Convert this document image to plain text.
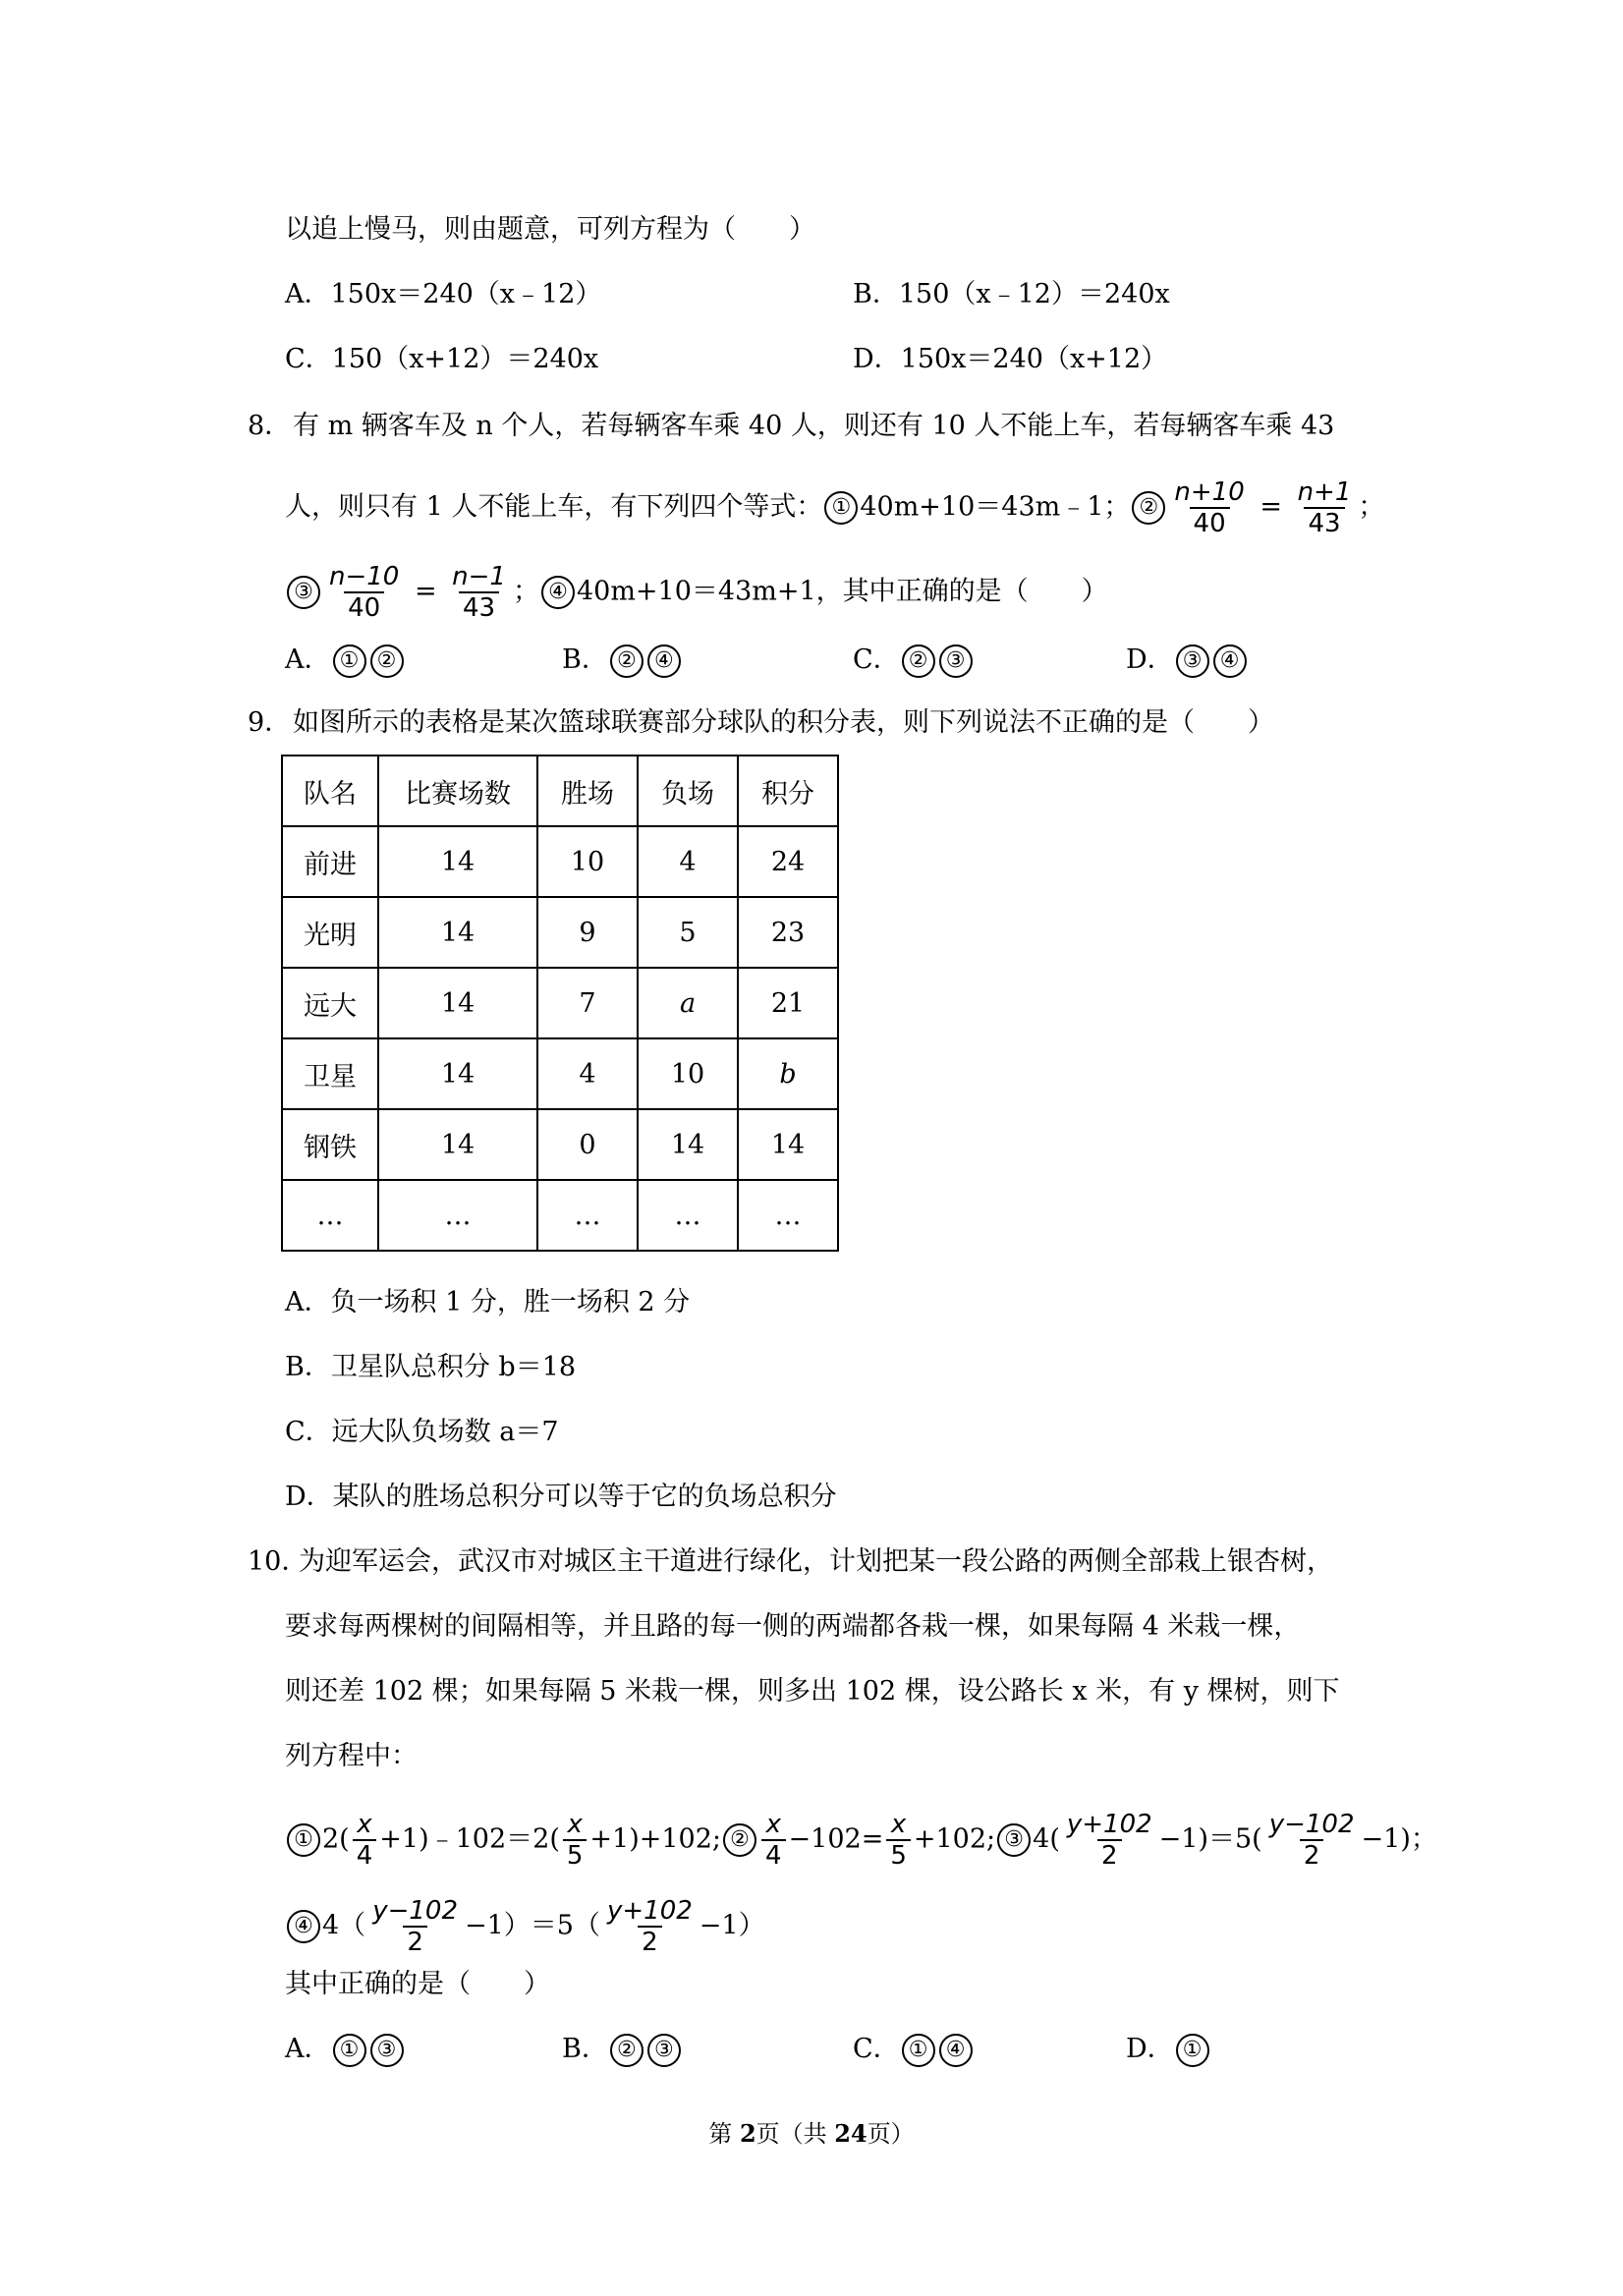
以追上慢马，则由题意，可列方程为（　　）
A．150x＝240（x﹣12）	B．150（x﹣12）＝240x
C．150（x+12）＝240x	D．150x＝240（x+12）
8． 有 m 辆客车及 n 个人，若每辆客车乘 40 人，则还有 10 人不能上车，若每辆客车乘 43
人，则只有 1 人不能上车，有下列四个等式： ① 40m+10＝43m﹣1； ② $\frac{n+10}{40} = \frac{n+1}{43}$ ；
③ $\frac{n-10}{40} = \frac{n-1}{43}$ ； ④ 40m+10＝43m+1，其中正确的是（　　）
A． ① ②	B． ② ④	C． ② ③	D． ③ ④
9． 如图所示的表格是某次篮球联赛部分球队的积分表，则下列说法不正确的是（　　）
队名	比赛场数	胜场	负场	积分
前进	14	10	4	24
光明	14	9	5	23
远大	14	7	a	21
卫星	14	4	10	b
钢铁	14	0	14	14
…	…	…	…	…
A．负一场积 1 分，胜一场积 2 分
B．卫星队总积分 b＝18
C．远大队负场数 a＝7
D．某队的胜场总积分可以等于它的负场总积分
10．
为迎军运会，武汉市对城区主干道进行绿化，计划把某一段公路的两侧全部栽上银杏树，
要求每两棵树的间隔相等，并且路的每一侧的两端都各栽一棵，如果每隔 4 米栽一棵，
则还差 102 棵；如果每隔 5 米栽一棵，则多出 102 棵，设公路长 x 米，有 y 棵树，则下
列方程中：
① $2( \frac{x}{4}$ +1)﹣102＝2( $\frac{x}{5} +1)+102$; ② $\frac{x}{4} -102= \frac{x}{5} +102$; ③ $4( \frac{y+102}{2} -1)=5( \frac{y-102}{2} -1)$；
④ $4( \frac{y-102}{2} -1)=5( \frac{y+102}{2} -1)$
其中正确的是（　　）
A． ① ③	B． ② ③	C． ① ④	D． ①
第 2页（共 24页）
